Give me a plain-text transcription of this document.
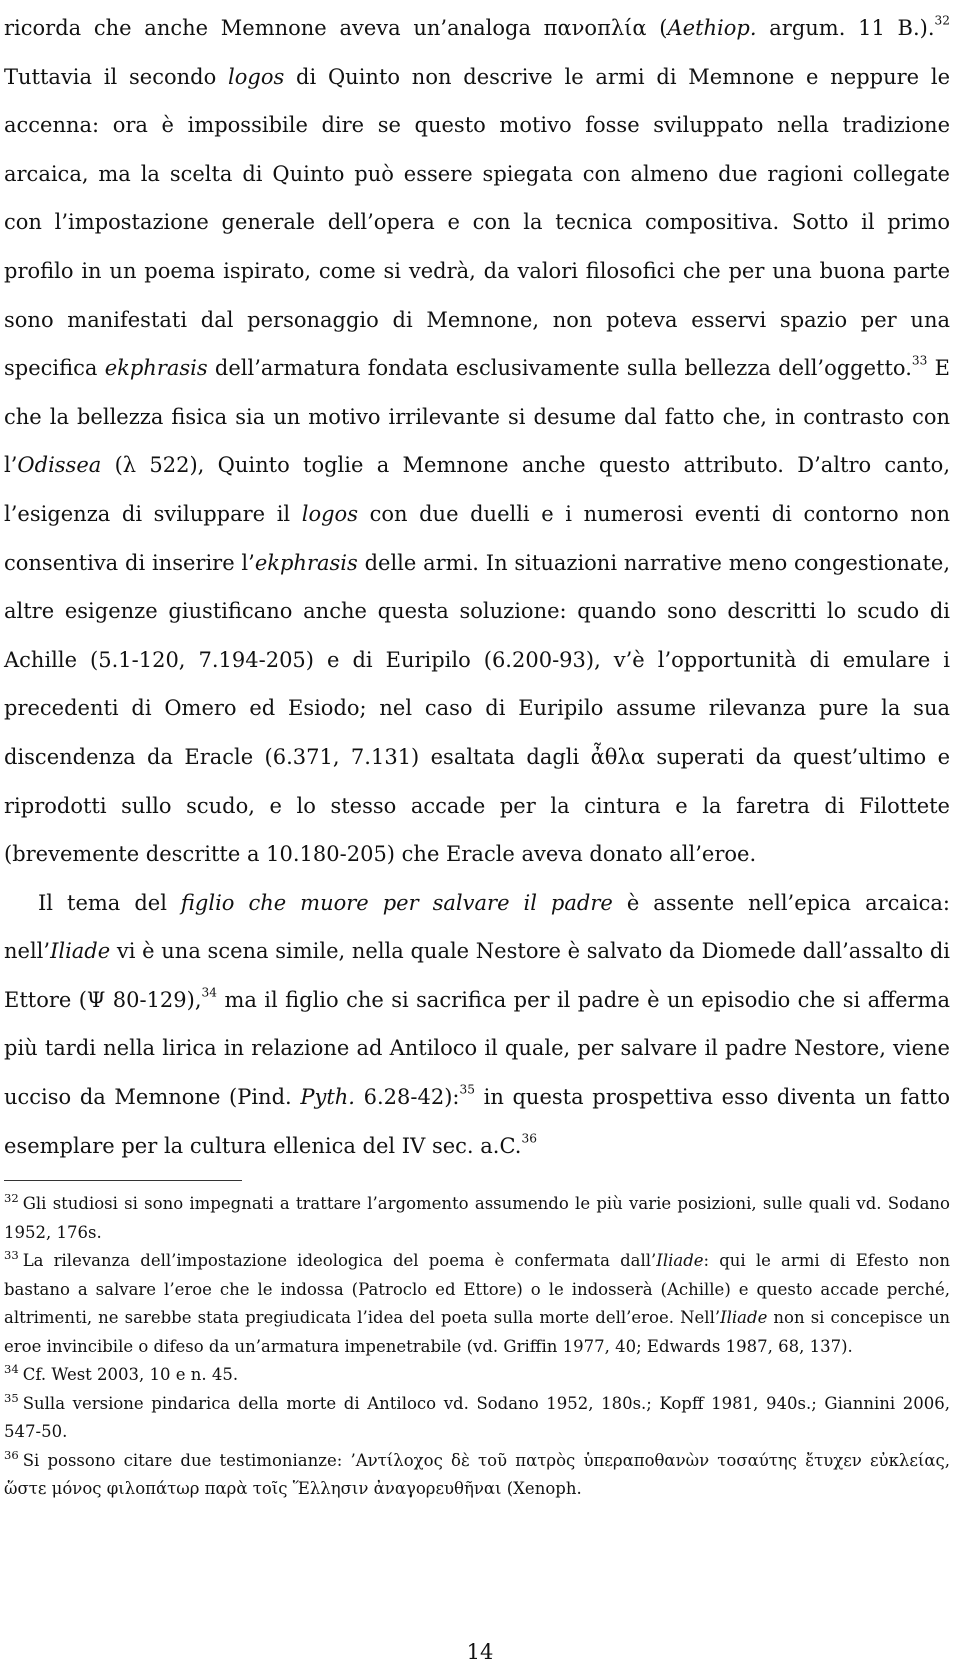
ricorda che anche Memnone aveva un’analoga πανοπλία (Aethiop. argum. 11 B.).$^{32}$ Tuttavia il secondo logos di Quinto non descrive le armi di Memnone e neppure le accenna: ora è impossibile dire se questo motivo fosse sviluppato nella tradizione arcaica, ma la scelta di Quinto può essere spiegata con almeno due ragioni collegate con l’impostazione generale dell’opera e con la tecnica compositiva. Sotto il primo profilo in un poema ispirato, come si vedrà, da valori filosofici che per una buona parte sono manifestati dal personaggio di Memnone, non poteva esservi spazio per una specifica ekphrasis dell’armatura fondata esclusivamente sulla bellezza dell’oggetto.$^{33}$ E che la bellezza fisica sia un motivo irrilevante si desume dal fatto che, in contrasto con l’Odissea (λ 522), Quinto toglie a Memnone anche questo attributo. D’altro canto, l’esigenza di sviluppare il logos con due duelli e i numerosi eventi di contorno non consentiva di inserire l’ekphrasis delle armi. In situazioni narrative meno congestionate, altre esigenze giustificano anche questa soluzione: quando sono descritti lo scudo di Achille (5.1-120, 7.194-205) e di Euripilo (6.200-93), v’è l’opportunità di emulare i precedenti di Omero ed Esiodo; nel caso di Euripilo assume rilevanza pure la sua discendenza da Eracle (6.371, 7.131) esaltata dagli ἆθλα superati da quest’ultimo e riprodotti sullo scudo, e lo stesso accade per la cintura e la faretra di Filottete (brevemente descritte a 10.180-205) che Eracle aveva donato all’eroe.

Il tema del figlio che muore per salvare il padre è assente nell’epica arcaica: nell’Iliade vi è una scena simile, nella quale Nestore è salvato da Diomede dall’assalto di Ettore (Ψ 80-129),$^{34}$ ma il figlio che si sacrifica per il padre è un episodio che si afferma più tardi nella lirica in relazione ad Antiloco il quale, per salvare il padre Nestore, viene ucciso da Memnone (Pind. Pyth. 6.28-42):$^{35}$ in questa prospettiva esso diventa un fatto esemplare per la cultura ellenica del IV sec. a.C.$^{36}$

$^{32}$ Gli studiosi si sono impegnati a trattare l’argomento assumendo le più varie posizioni, sulle quali vd. Sodano 1952, 176s.

$^{33}$ La rilevanza dell’impostazione ideologica del poema è confermata dall’Iliade: qui le armi di Efesto non bastano a salvare l’eroe che le indossa (Patroclo ed Ettore) o le indosserà (Achille) e questo accade perché, altrimenti, ne sarebbe stata pregiudicata l’idea del poeta sulla morte dell’eroe. Nell’Iliade non si concepisce un eroe invincibile o difeso da un’armatura impenetrabile (vd. Griffin 1977, 40; Edwards 1987, 68, 137).

$^{34}$ Cf. West 2003, 10 e n. 45.

$^{35}$ Sulla versione pindarica della morte di Antiloco vd. Sodano 1952, 180s.; Kopff 1981, 940s.; Giannini 2006, 547-50.

$^{36}$ Si possono citare due testimonianze: ’Αντίλοχος δὲ τοῦ πατρὸς ὑπεραποθανὼν τοσαύτης ἔτυχεν εὐκλείας, ὥστε μόνος φιλοπάτωρ παρὰ τοῖς Ἕλλησιν ἀναγορευθῆναι (Xenoph.

14
